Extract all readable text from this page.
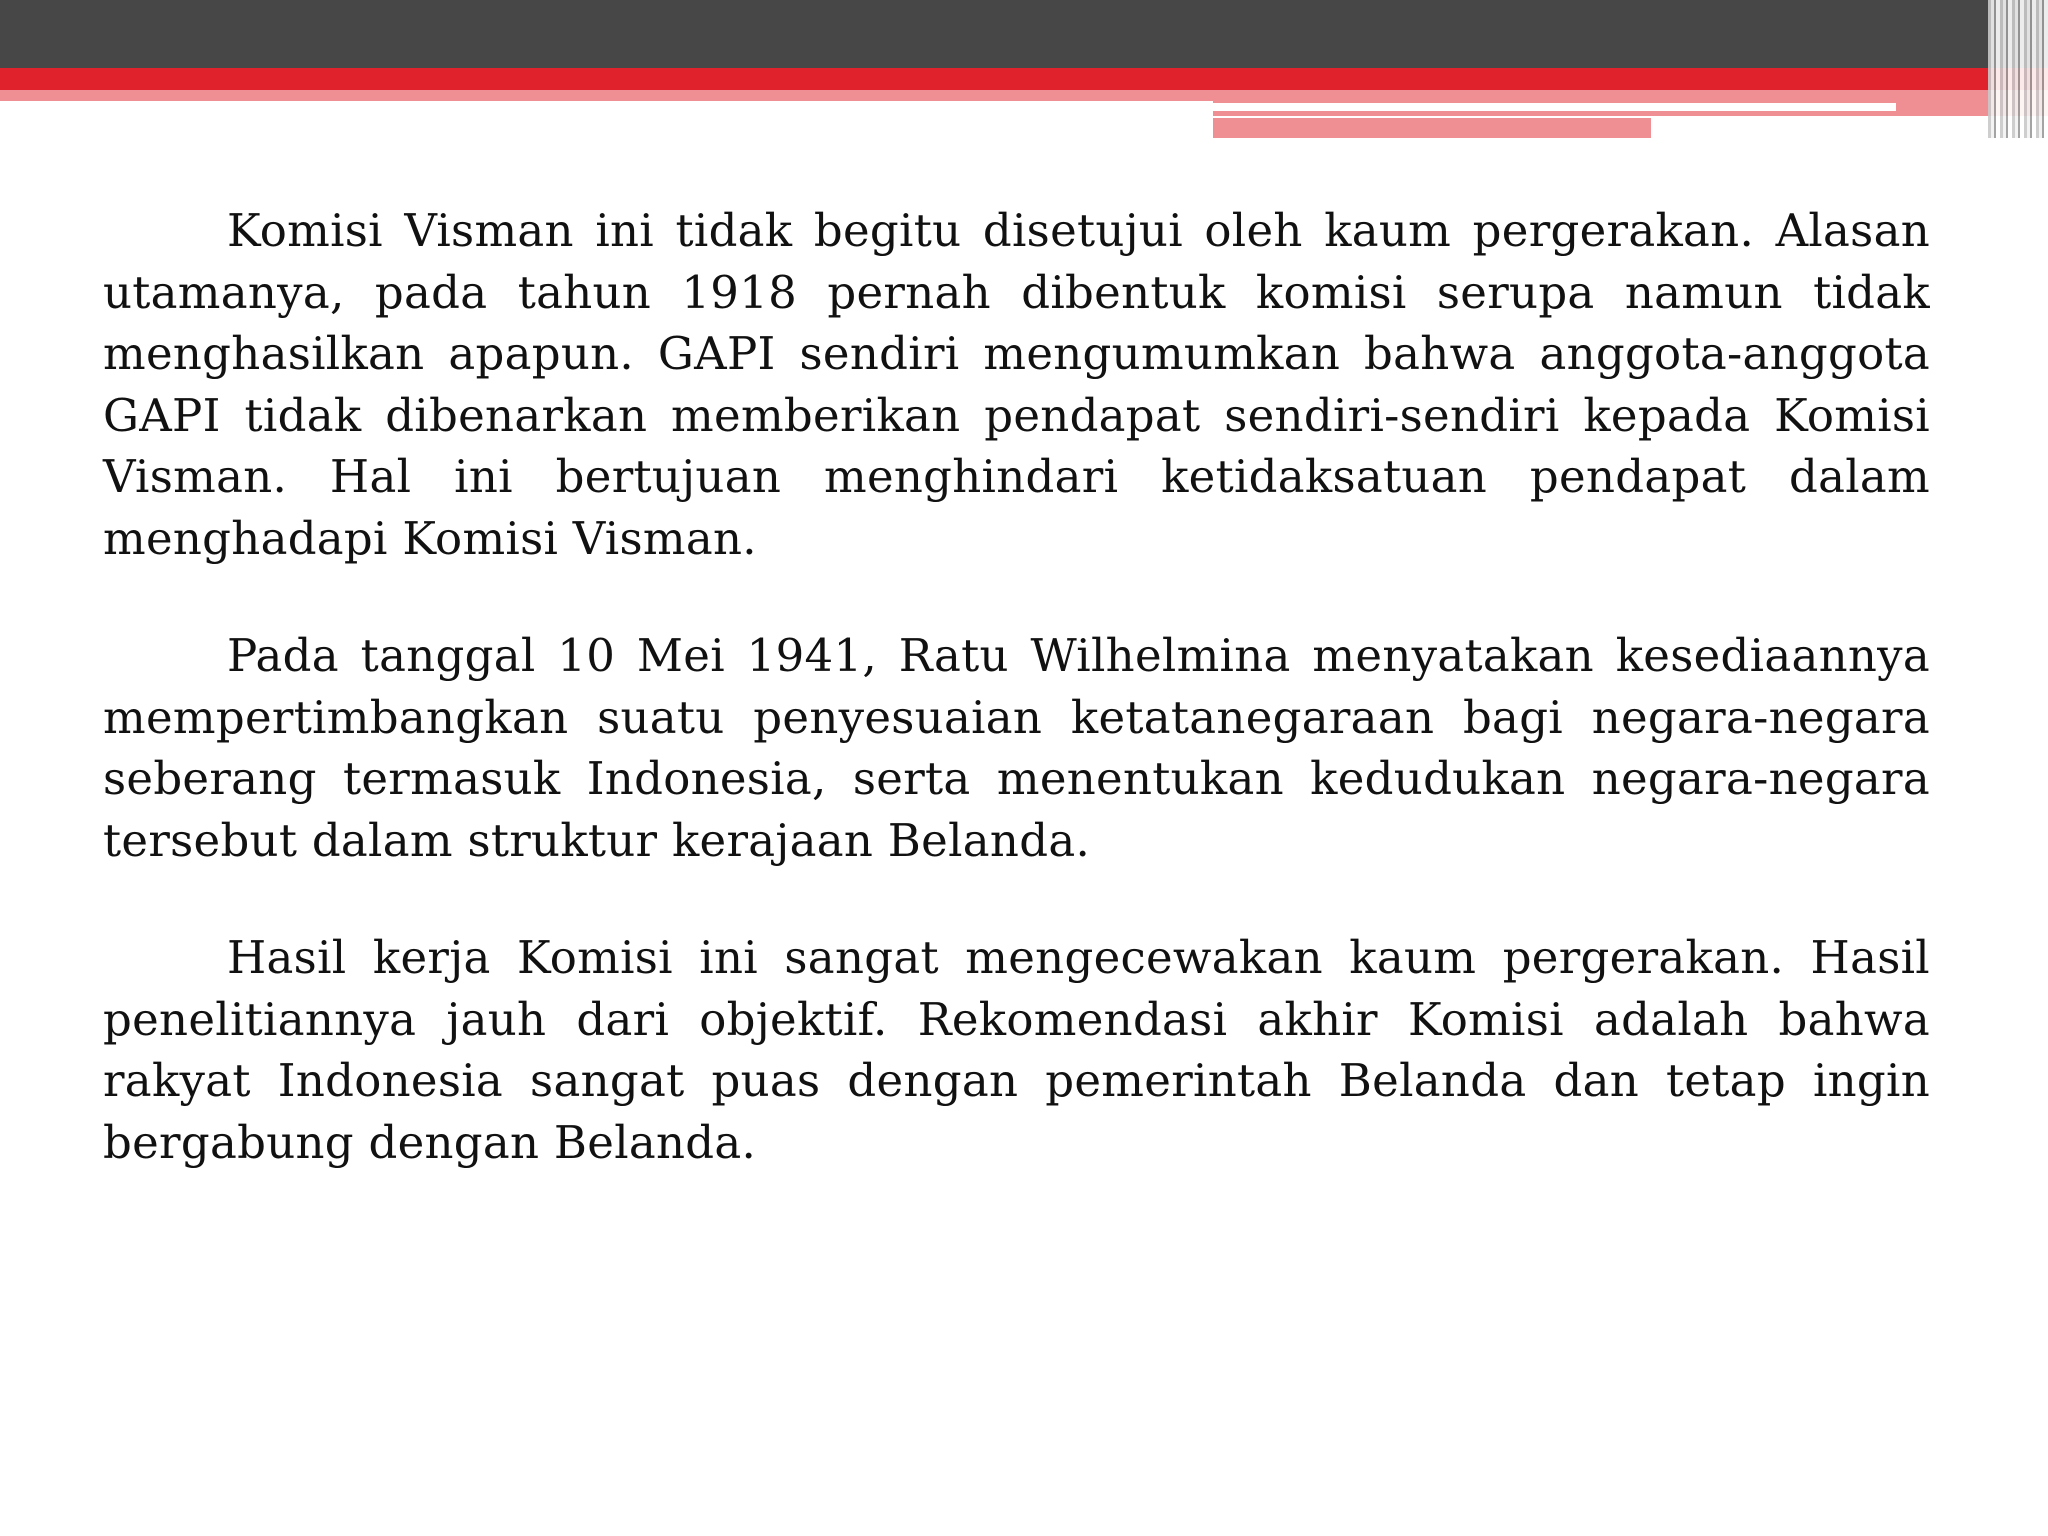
Komisi Visman ini tidak begitu disetujui oleh kaum pergerakan. Alasan utamanya, pada tahun 1918 pernah dibentuk komisi serupa namun tidak menghasilkan apapun. GAPI sendiri mengumumkan bahwa anggota-anggota GAPI tidak dibenarkan memberikan pendapat sendiri-sendiri kepada Komisi Visman. Hal ini bertujuan menghindari ketidaksatuan pendapat dalam menghadapi Komisi Visman.

Pada tanggal 10 Mei 1941, Ratu Wilhelmina menyatakan kesediaannya mempertimbangkan suatu penyesuaian ketatanegaraan bagi negara-negara seberang termasuk Indonesia, serta menentukan kedudukan negara-negara tersebut dalam struktur kerajaan Belanda.

Hasil kerja Komisi ini sangat mengecewakan kaum pergerakan. Hasil penelitiannya jauh dari objektif. Rekomendasi akhir Komisi adalah bahwa rakyat Indonesia sangat puas dengan pemerintah Belanda dan tetap ingin bergabung dengan Belanda.
